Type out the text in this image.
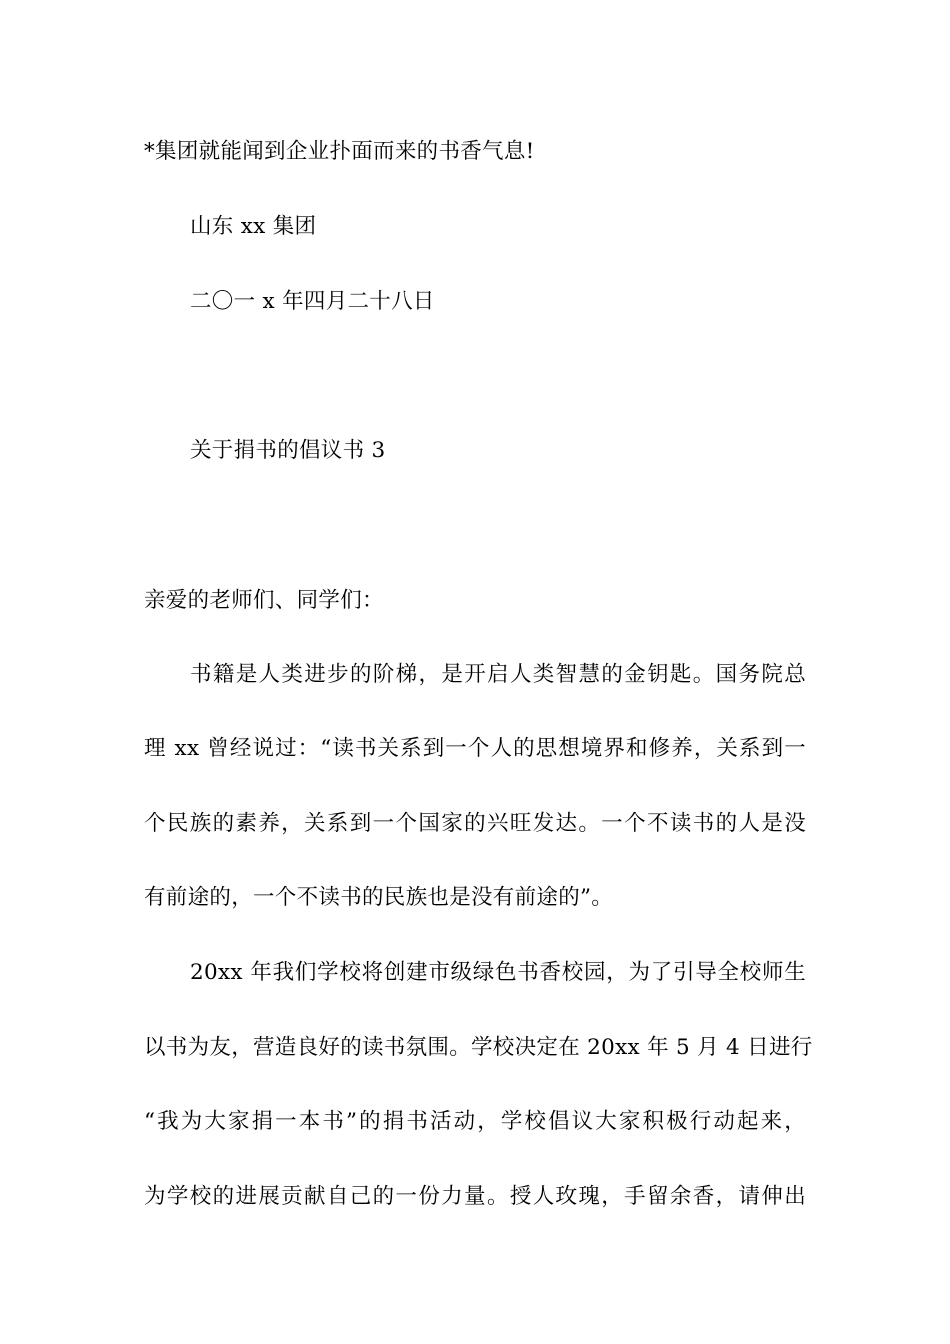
*集团就能闻到企业扑面而来的书香气息!
山东 xx 集团
二〇一 x 年四月二十八日
关于捐书的倡议书 3
亲爱的老师们、同学们：
书籍是人类进步的阶梯，是开启人类智慧的金钥匙。国务院总
理 xx 曾经说过：“读书关系到一个人的思想境界和修养，关系到一
个民族的素养，关系到一个国家的兴旺发达。一个不读书的人是没
有前途的，一个不读书的民族也是没有前途的”。
20xx 年我们学校将创建市级绿色书香校园，为了引导全校师生
以书为友，营造良好的读书氛围。学校决定在 20xx 年 5 月 4 日进行
“我为大家捐一本书”的捐书活动，学校倡议大家积极行动起来，
为学校的进展贡献自己的一份力量。授人玫瑰，手留余香，请伸出
